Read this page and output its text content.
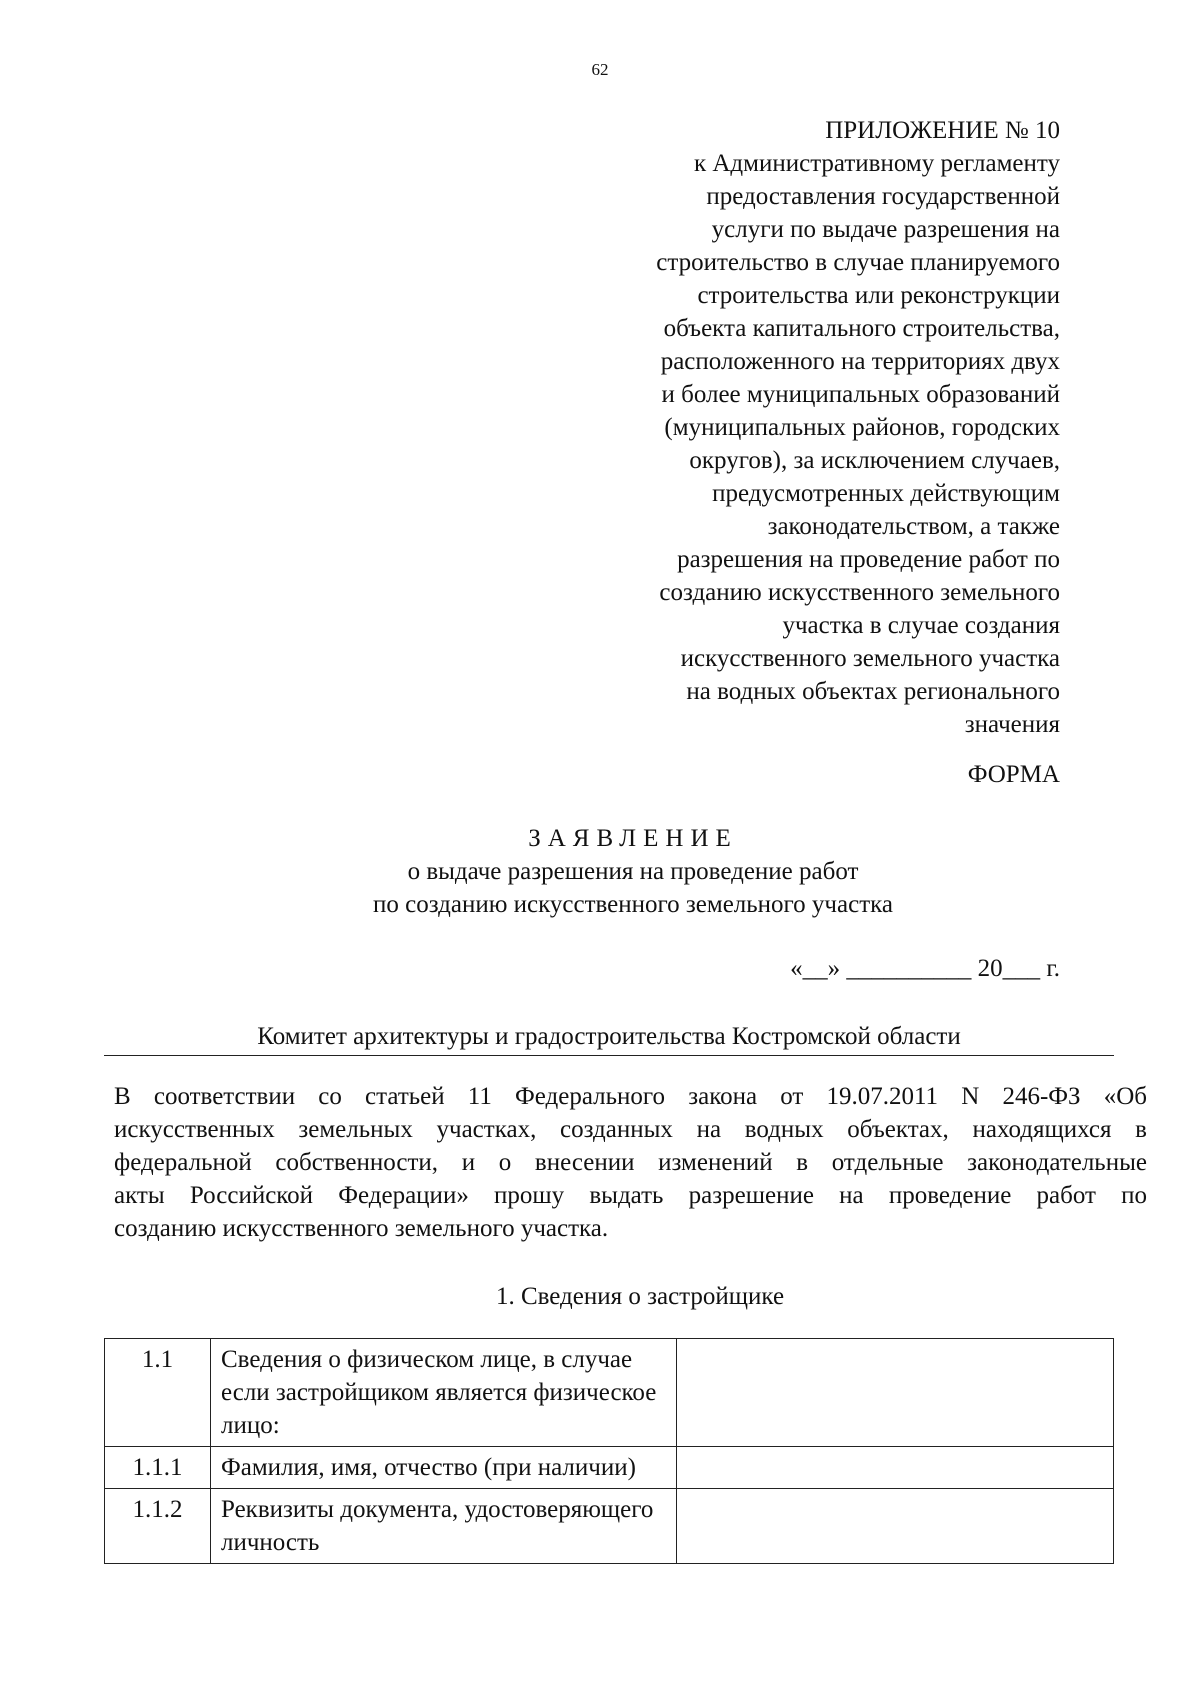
62
ПРИЛОЖЕНИЕ № 10
к Административному регламенту
предоставления государственной
услуги по выдаче разрешения на
строительство в случае планируемого
строительства или реконструкции
объекта капитального строительства,
расположенного на территориях двух
и более муниципальных образований
(муниципальных районов, городских
округов), за исключением случаев,
предусмотренных действующим
законодательством, а также
разрешения на проведение работ по
созданию искусственного земельного
участка в случае создания
искусственного земельного участка
на водных объектах регионального
значения
ФОРМА
ЗАЯВЛЕНИЕ
о выдаче разрешения на проведение работ
по созданию искусственного земельного участка
«__» __________ 20___ г.
Комитет архитектуры и градостроительства Костромской области
В соответствии со статьей 11 Федерального закона от 19.07.2011 N 246-ФЗ «Об
искусственных земельных участках, созданных на водных объектах, находящихся в
федеральной собственности, и о внесении изменений в отдельные законодательные
акты Российской Федерации» прошу выдать разрешение на проведение работ по
созданию искусственного земельного участка.
1. Сведения о застройщике
1.1	Сведения о физическом лице, в случае если застройщиком является физическое лицо:	
1.1.1	Фамилия, имя, отчество (при наличии)	
1.1.2	Реквизиты документа, удостоверяющего личность	
